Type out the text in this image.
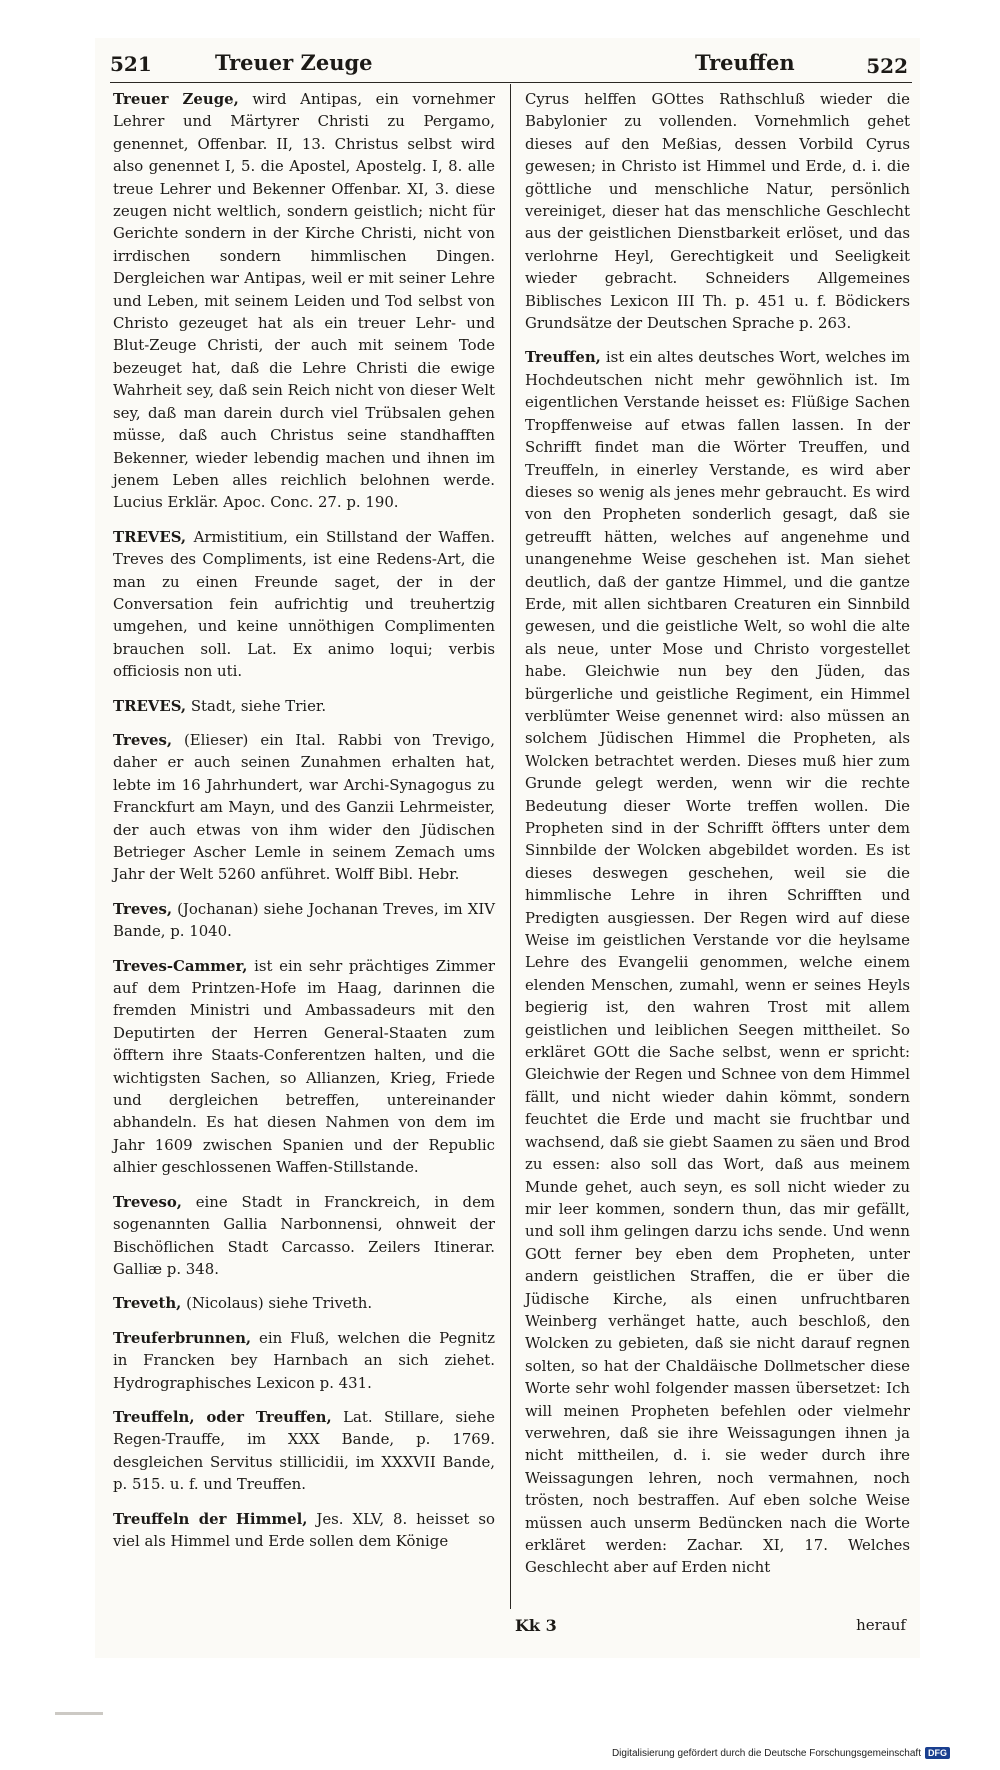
521	Treuer Zeuge	Treuffen	522

Treuer Zeuge, wird Antipas, ein vornehmer Lehrer und Märtyrer Christi zu Pergamo, genennet, Offenbar. II, 13. Christus selbst wird also genennet I, 5. die Apostel, Apostelg. I, 8. alle treue Lehrer und Bekenner Offenbar. XI, 3. diese zeugen nicht weltlich, sondern geistlich; nicht für Gerichte sondern in der Kirche Christi, nicht von irrdischen sondern himmlischen Dingen. Dergleichen war Antipas, weil er mit seiner Lehre und Leben, mit seinem Leiden und Tod selbst von Christo gezeuget hat als ein treuer Lehr- und Blut-Zeuge Christi, der auch mit seinem Tode bezeuget hat, daß die Lehre Christi die ewige Wahrheit sey, daß sein Reich nicht von dieser Welt sey, daß man darein durch viel Trübsalen gehen müsse, daß auch Christus seine standhafften Bekenner, wieder lebendig machen und ihnen im jenem Leben alles reichlich belohnen werde. Lucius Erklär. Apoc. Conc. 27. p. 190.

TREVES, Armistitium, ein Stillstand der Waffen. Treves des Compliments, ist eine Redens-Art, die man zu einen Freunde saget, der in der Conversation fein aufrichtig und treuhertzig umgehen, und keine unnöthigen Complimenten brauchen soll. Lat. Ex animo loqui; verbis officiosis non uti.

TREVES, Stadt, siehe Trier.

Treves, (Elieser) ein Ital. Rabbi von Trevigo, daher er auch seinen Zunahmen erhalten hat, lebte im 16 Jahrhundert, war Archi-Synagogus zu Franckfurt am Mayn, und des Ganzii Lehrmeister, der auch etwas von ihm wider den Jüdischen Betrieger Ascher Lemle in seinem Zemach ums Jahr der Welt 5260 anführet. Wolff Bibl. Hebr.

Treves, (Jochanan) siehe Jochanan Treves, im XIV Bande, p. 1040.

Treves-Cammer, ist ein sehr prächtiges Zimmer auf dem Printzen-Hofe im Haag, darinnen die fremden Ministri und Ambassadeurs mit den Deputirten der Herren General-Staaten zum öfftern ihre Staats-Conferentzen halten, und die wichtigsten Sachen, so Allianzen, Krieg, Friede und dergleichen betreffen, untereinander abhandeln. Es hat diesen Nahmen von dem im Jahr 1609 zwischen Spanien und der Republic alhier geschlossenen Waffen-Stillstande.

Treveso, eine Stadt in Franckreich, in dem sogenannten Gallia Narbonnensi, ohnweit der Bischöflichen Stadt Carcasso. Zeilers Itinerar. Galliæ p. 348.

Treveth, (Nicolaus) siehe Triveth.

Treuferbrunnen, ein Fluß, welchen die Pegnitz in Francken bey Harnbach an sich ziehet. Hydrographisches Lexicon p. 431.

Treuffeln, oder Treuffen, Lat. Stillare, siehe Regen-Trauffe, im XXX Bande, p. 1769. desgleichen Servitus stillicidii, im XXXVII Bande, p. 515. u. f. und Treuffen.

Treuffeln der Himmel, Jes. XLV, 8. heisset so viel als Himmel und Erde sollen dem Könige

Cyrus helffen GOttes Rathschluß wieder die Babylonier zu vollenden. Vornehmlich gehet dieses auf den Meßias, dessen Vorbild Cyrus gewesen; in Christo ist Himmel und Erde, d. i. die göttliche und menschliche Natur, persönlich vereiniget, dieser hat das menschliche Geschlecht aus der geistlichen Dienstbarkeit erlöset, und das verlohrne Heyl, Gerechtigkeit und Seeligkeit wieder gebracht. Schneiders Allgemeines Biblisches Lexicon III Th. p. 451 u. f. Bödickers Grundsätze der Deutschen Sprache p. 263.

Treuffen, ist ein altes deutsches Wort, welches im Hochdeutschen nicht mehr gewöhnlich ist. Im eigentlichen Verstande heisset es: Flüßige Sachen Tropffenweise auf etwas fallen lassen. In der Schrifft findet man die Wörter Treuffen, und Treuffeln, in einerley Verstande, es wird aber dieses so wenig als jenes mehr gebraucht. Es wird von den Propheten sonderlich gesagt, daß sie getreufft hätten, welches auf angenehme und unangenehme Weise geschehen ist. Man siehet deutlich, daß der gantze Himmel, und die gantze Erde, mit allen sichtbaren Creaturen ein Sinnbild gewesen, und die geistliche Welt, so wohl die alte als neue, unter Mose und Christo vorgestellet habe. Gleichwie nun bey den Jüden, das bürgerliche und geistliche Regiment, ein Himmel verblümter Weise genennet wird: also müssen an solchem Jüdischen Himmel die Propheten, als Wolcken betrachtet werden. Dieses muß hier zum Grunde gelegt werden, wenn wir die rechte Bedeutung dieser Worte treffen wollen. Die Propheten sind in der Schrifft öffters unter dem Sinnbilde der Wolcken abgebildet worden. Es ist dieses deswegen geschehen, weil sie die himmlische Lehre in ihren Schrifften und Predigten ausgiessen. Der Regen wird auf diese Weise im geistlichen Verstande vor die heylsame Lehre des Evangelii genommen, welche einem elenden Menschen, zumahl, wenn er seines Heyls begierig ist, den wahren Trost mit allem geistlichen und leiblichen Seegen mittheilet. So erkläret GOtt die Sache selbst, wenn er spricht: Gleichwie der Regen und Schnee von dem Himmel fällt, und nicht wieder dahin kömmt, sondern feuchtet die Erde und macht sie fruchtbar und wachsend, daß sie giebt Saamen zu säen und Brod zu essen: also soll das Wort, daß aus meinem Munde gehet, auch seyn, es soll nicht wieder zu mir leer kommen, sondern thun, das mir gefällt, und soll ihm gelingen darzu ichs sende. Und wenn GOtt ferner bey eben dem Propheten, unter andern geistlichen Straffen, die er über die Jüdische Kirche, als einen unfruchtbaren Weinberg verhänget hatte, auch beschloß, den Wolcken zu gebieten, daß sie nicht darauf regnen solten, so hat der Chaldäische Dollmetscher diese Worte sehr wohl folgender massen übersetzet: Ich will meinen Propheten befehlen oder vielmehr verwehren, daß sie ihre Weissagungen ihnen ja nicht mittheilen, d. i. sie weder durch ihre Weissagungen lehren, noch vermahnen, noch trösten, noch bestraffen. Auf eben solche Weise müssen auch unserm Bedüncken nach die Worte erkläret werden: Zachar. XI, 17. Welches Geschlecht aber auf Erden nicht

Kk 3	herauf
Digitalisierung gefördert durch die Deutsche Forschungsgemeinschaft DFG
